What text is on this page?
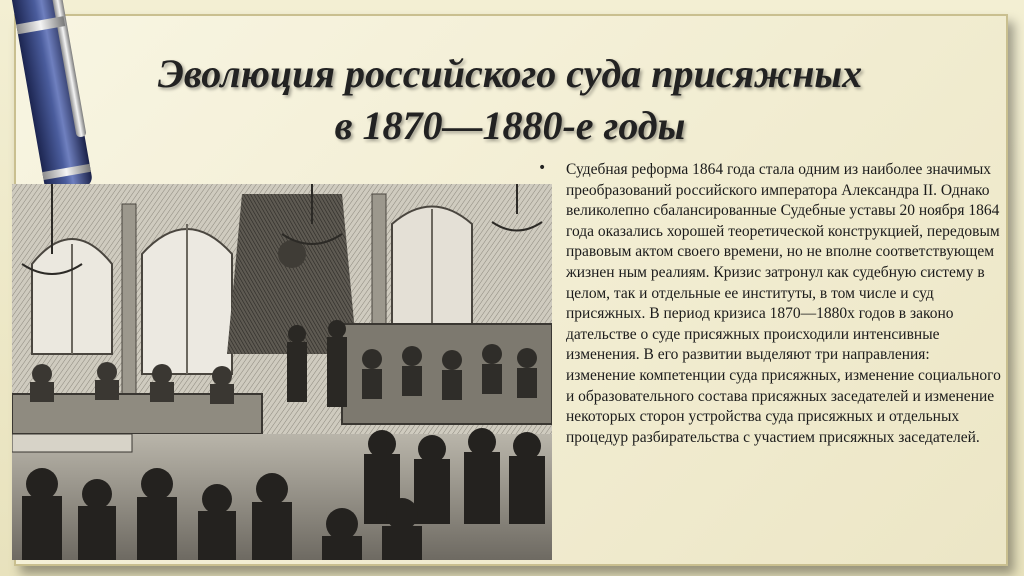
Эволюция российского суда присяжных
в 1870—1880-е годы
• Судебная реформа 1864 года стала одним из наиболее значимых преобразований российского императора Александра II. Однако великолепно сбалансированные Судебные уставы 20 ноября 1864 года оказались хорошей теоретической конструкцией, передовым правовым актом своего времени, но не вполне соответствующем жизнен ным реалиям. Кризис затронул как судебную систему в целом, так и отдельные ее институты, в том числе и суд присяжных. В период кризиса 1870—1880х годов в законо дательстве о суде присяжных происходили интенсивные изменения. В его развитии выделяют три направления: изменение компетенции суда присяжных, изменение социального и образовательного состава присяжных заседателей и изменение некоторых сторон устройства суда присяжных и отдельных процедур разбирательства с участием присяжных заседателей.
